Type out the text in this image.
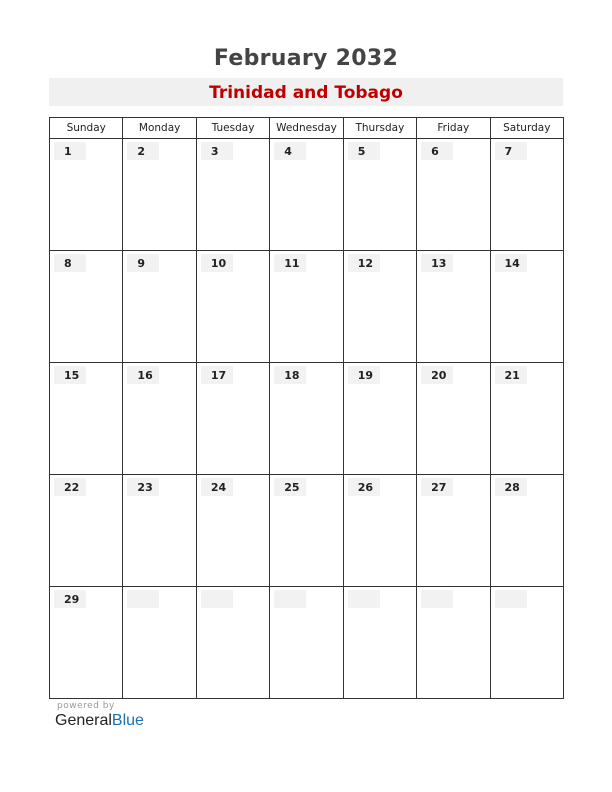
February 2032
Trinidad and Tobago
Sunday	Monday	Tuesday	Wednesday	Thursday	Friday	Saturday

1	2	3	4	5	6	7

8	9	10	11	12	13	14

15	16	17	18	19	20	21

22	23	24	25	26	27	28

29						

powered by
GeneralBlue
